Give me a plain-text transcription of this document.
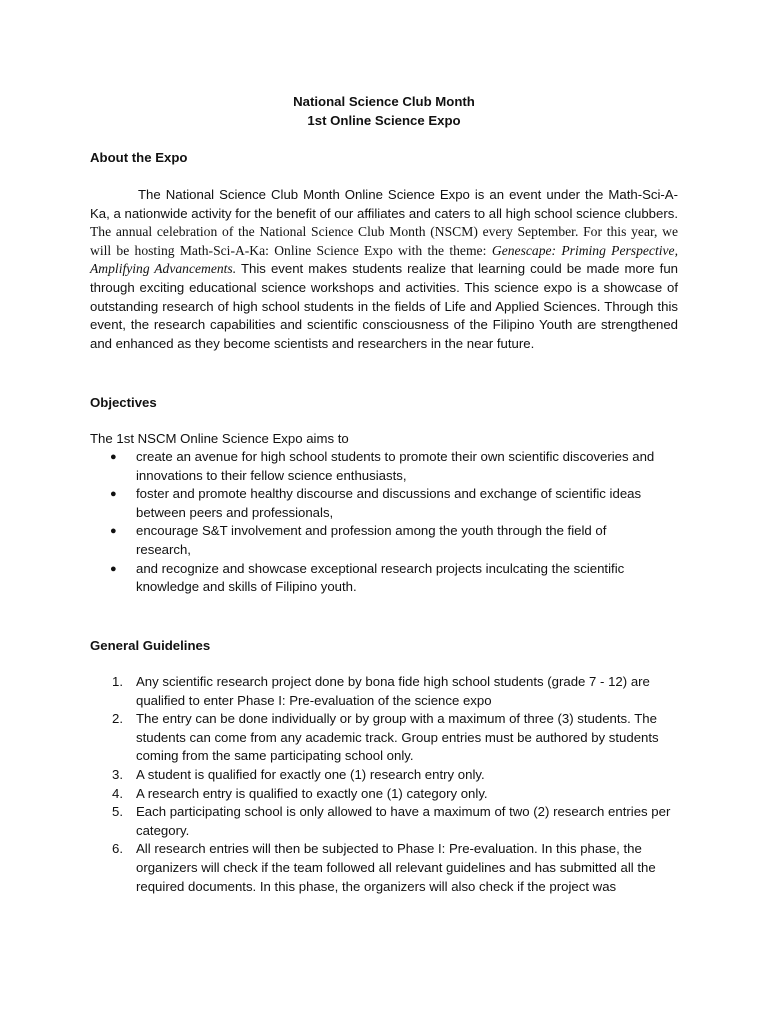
National Science Club Month
1st Online Science Expo
About the Expo
The National Science Club Month Online Science Expo is an event under the Math-Sci-A-Ka, a nationwide activity for the benefit of our affiliates and caters to all high school science clubbers. The annual celebration of the National Science Club Month (NSCM) every September. For this year, we will be hosting Math-Sci-A-Ka: Online Science Expo with the theme: Genescape: Priming Perspective, Amplifying Advancements. This event makes students realize that learning could be made more fun through exciting educational science workshops and activities. This science expo is a showcase of outstanding research of high school students in the fields of Life and Applied Sciences. Through this event, the research capabilities and scientific consciousness of the Filipino Youth are strengthened and enhanced as they become scientists and researchers in the near future.
Objectives
The 1st NSCM Online Science Expo aims to
● create an avenue for high school students to promote their own scientific discoveries and innovations to their fellow science enthusiasts,
● foster and promote healthy discourse and discussions and exchange of scientific ideas between peers and professionals,
● encourage S&T involvement and profession among the youth through the field of research,
● and recognize and showcase exceptional research projects inculcating the scientific knowledge and skills of Filipino youth.
General Guidelines
1. Any scientific research project done by bona fide high school students (grade 7 - 12) are qualified to enter Phase I: Pre-evaluation of the science expo
2. The entry can be done individually or by group with a maximum of three (3) students. The students can come from any academic track. Group entries must be authored by students coming from the same participating school only.
3. A student is qualified for exactly one (1) research entry only.
4. A research entry is qualified to exactly one (1) category only.
5. Each participating school is only allowed to have a maximum of two (2) research entries per category.
6. All research entries will then be subjected to Phase I: Pre-evaluation. In this phase, the organizers will check if the team followed all relevant guidelines and has submitted all the required documents. In this phase, the organizers will also check if the project was
